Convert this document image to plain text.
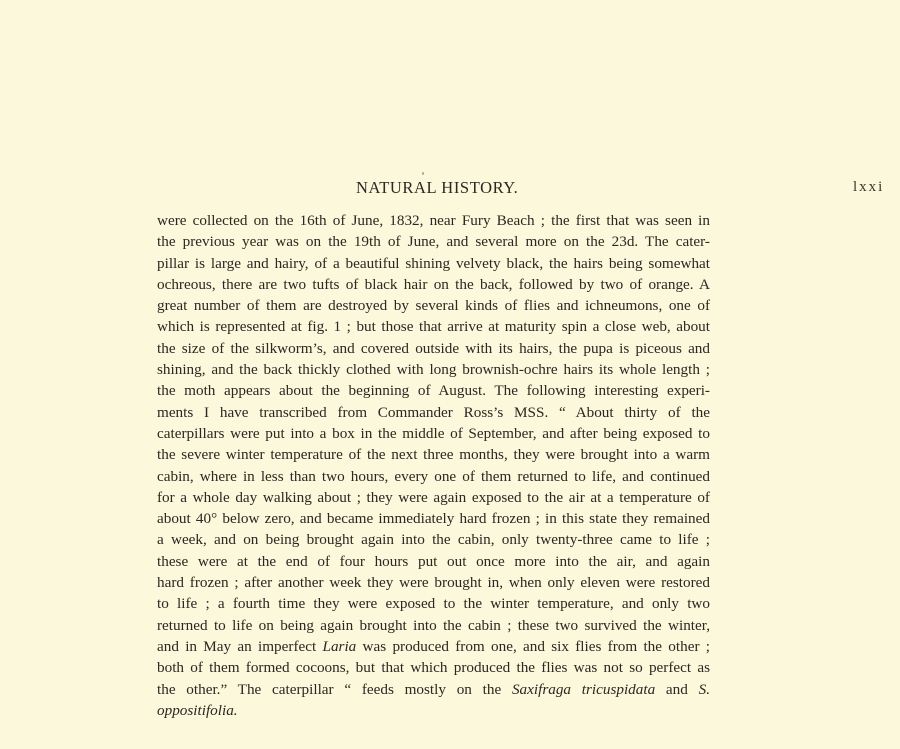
NATURAL HISTORY.	lxxi
were collected on the 16th of June, 1832, near Fury Beach ; the first that was seen in
the previous year was on the 19th of June, and several more on the 23d. The cater-
pillar is large and hairy, of a beautiful shining velvety black, the hairs being somewhat
ochreous, there are two tufts of black hair on the back, followed by two of orange. A
great number of them are destroyed by several kinds of flies and ichneumons, one of
which is represented at fig. 1 ; but those that arrive at maturity spin a close web, about
the size of the silkworm’s, and covered outside with its hairs, the pupa is piceous and
shining, and the back thickly clothed with long brownish-ochre hairs its whole length ;
the moth appears about the beginning of August. The following interesting experi-
ments I have transcribed from Commander Ross’s MSS. “ About thirty of the
caterpillars were put into a box in the middle of September, and after being exposed to
the severe winter temperature of the next three months, they were brought into a warm
cabin, where in less than two hours, every one of them returned to life, and continued
for a whole day walking about ; they were again exposed to the air at a temperature of
about 40° below zero, and became immediately hard frozen ; in this state they remained
a week, and on being brought again into the cabin, only twenty-three came to life ;
these were at the end of four hours put out once more into the air, and again
hard frozen ; after another week they were brought in, when only eleven were restored
to life ; a fourth time they were exposed to the winter temperature, and only two
returned to life on being again brought into the cabin ; these two survived the winter,
and in May an imperfect Laria was produced from one, and six flies from the other ;
both of them formed cocoons, but that which produced the flies was not so perfect as
the other.” The caterpillar “ feeds mostly on the Saxifraga tricuspidata and S.
oppositifolia.
